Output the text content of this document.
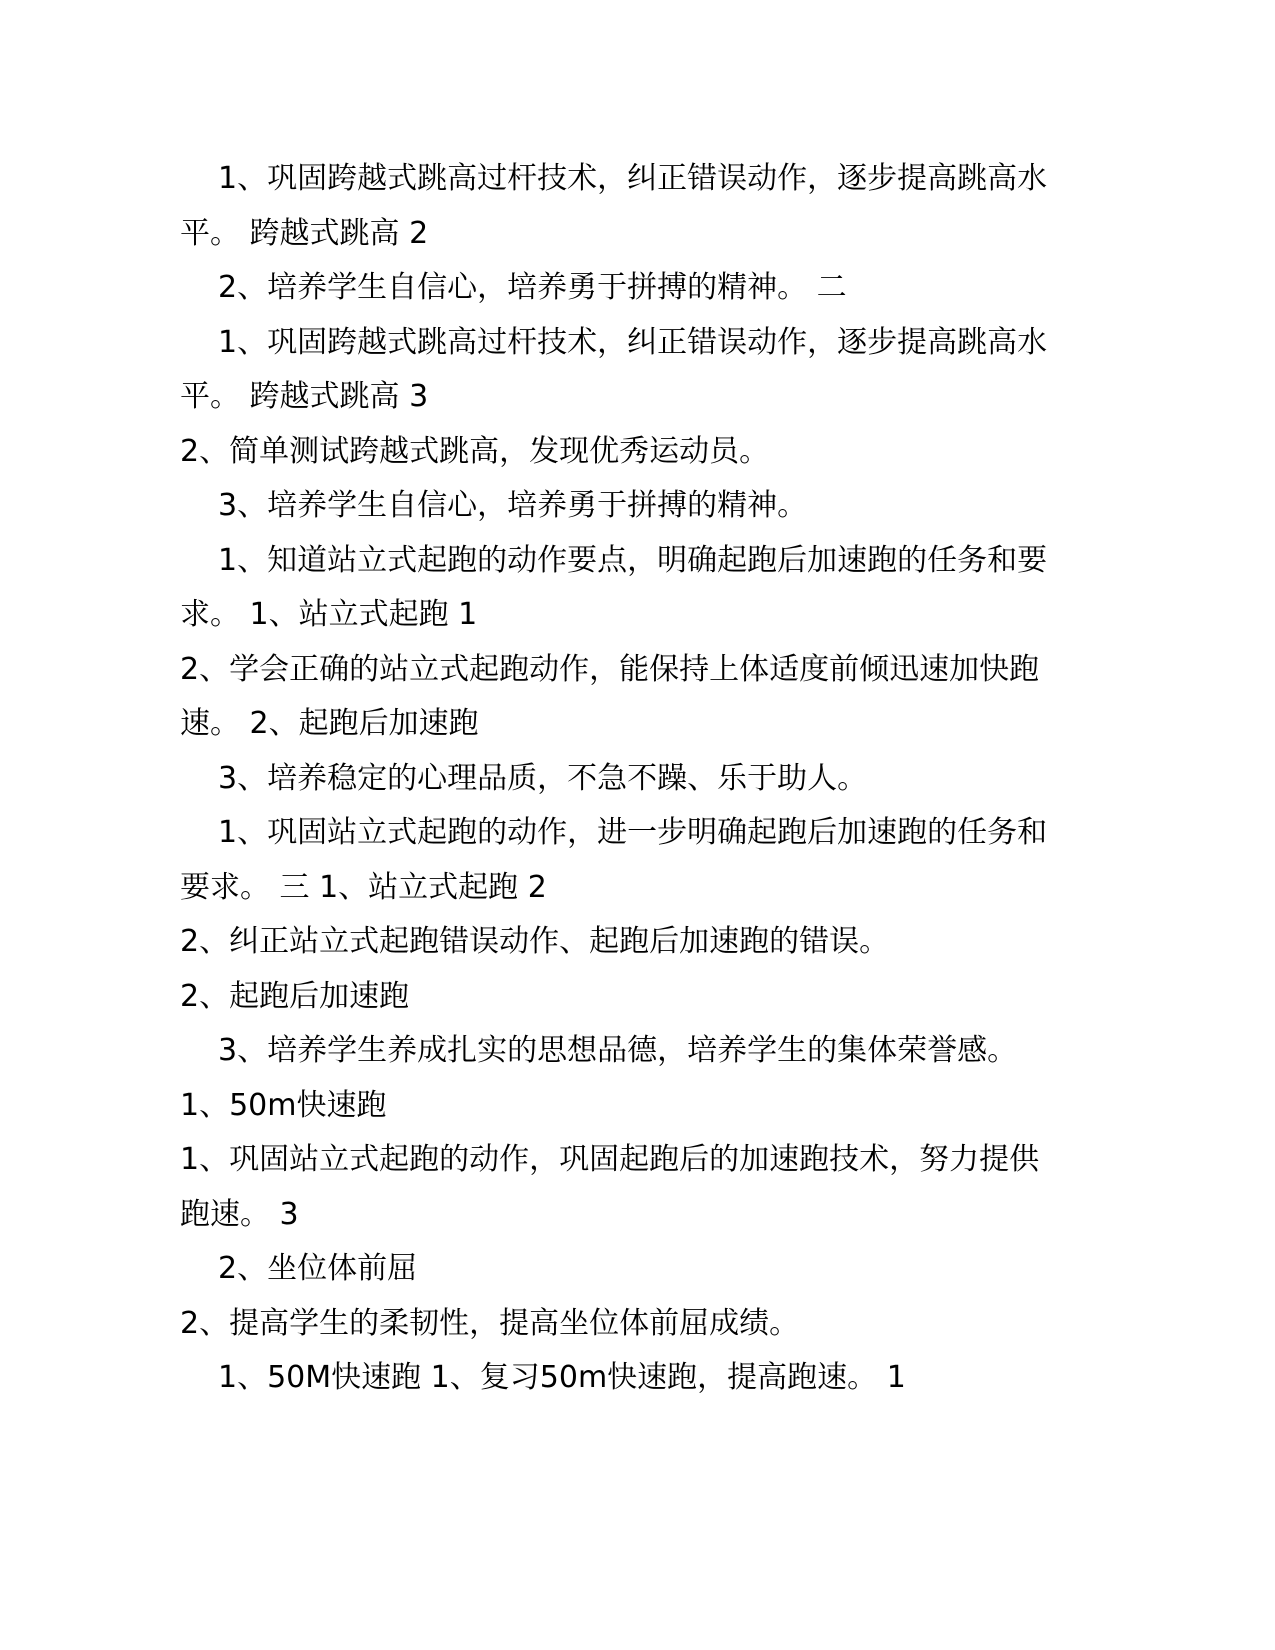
1、巩固跨越式跳高过杆技术，纠正错误动作，逐步提高跳高水平。 跨越式跳高 2

2、培养学生自信心，培养勇于拼搏的精神。 二

1、巩固跨越式跳高过杆技术，纠正错误动作，逐步提高跳高水平。 跨越式跳高 3

2、简单测试跨越式跳高，发现优秀运动员。

3、培养学生自信心，培养勇于拼搏的精神。

1、知道站立式起跑的动作要点，明确起跑后加速跑的任务和要求。 1、站立式起跑 1

2、学会正确的站立式起跑动作，能保持上体适度前倾迅速加快跑速。 2、起跑后加速跑

3、培养稳定的心理品质，不急不躁、乐于助人。

1、巩固站立式起跑的动作，进一步明确起跑后加速跑的任务和要求。 三 1、站立式起跑 2

2、纠正站立式起跑错误动作、起跑后加速跑的错误。

2、起跑后加速跑

3、培养学生养成扎实的思想品德，培养学生的集体荣誉感。 1、50m快速跑

1、巩固站立式起跑的动作，巩固起跑后的加速跑技术，努力提供跑速。 3

2、坐位体前屈

2、提高学生的柔韧性，提高坐位体前屈成绩。

1、50M快速跑 1、复习50m快速跑，提高跑速。 1
